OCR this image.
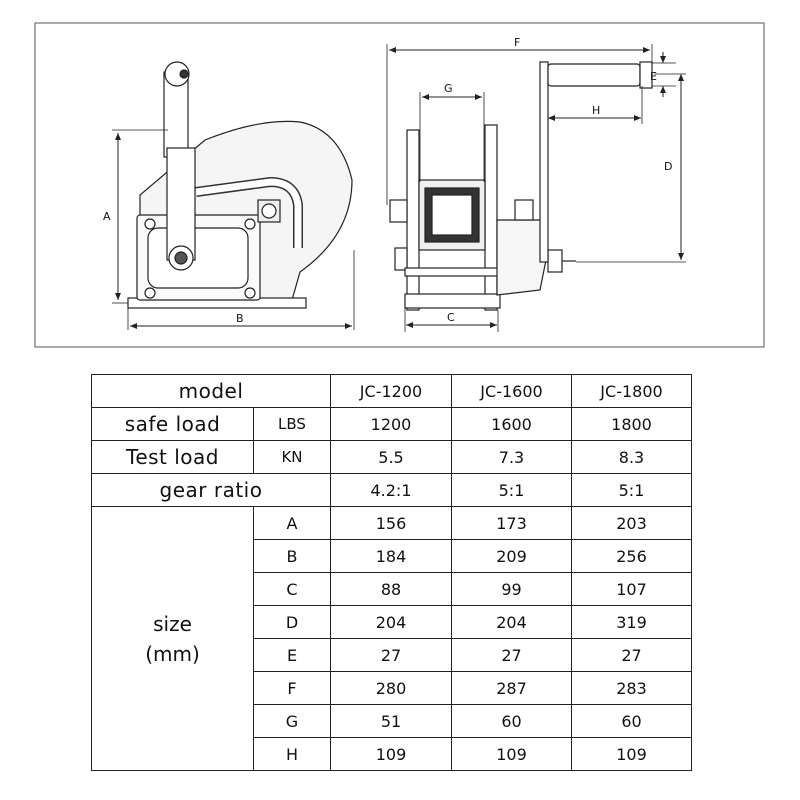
A
B
F
G
H
E
D
C
model		JC-1200	JC-1600	JC-1800
safe load	LBS	1200	1600	1800
Test load	KN	5.5	7.3	8.3
gear ratio		4.2:1	5:1	5:1

size
(mm)	A	156	173	203
	B	184	209	256
	C	88	99	107
	D	204	204	319
	E	27	27	27
	F	280	287	283
	G	51	60	60
	H	109	109	109
